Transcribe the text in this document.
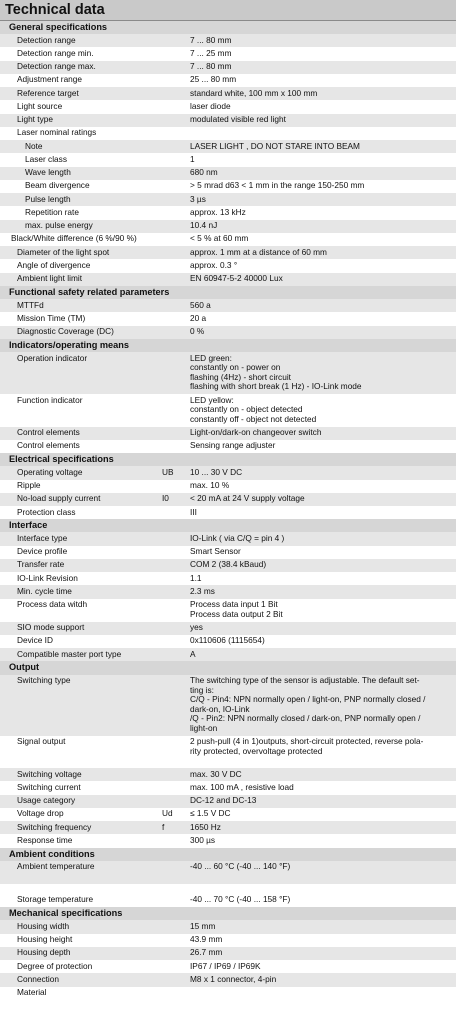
Technical data
General specifications
Detection range	7 ... 80 mm
Detection range min.	7 ... 25 mm
Detection range max.	7 ... 80 mm
Adjustment range	25 ... 80 mm
Reference target	standard white, 100 mm x 100 mm
Light source	laser diode
Light type	modulated visible red light
Laser nominal ratings
Note	LASER LIGHT , DO NOT STARE INTO BEAM
Laser class	1
Wave length	680 nm
Beam divergence	> 5 mrad d63 < 1 mm in the range 150-250 mm
Pulse length	3 µs
Repetition rate	approx. 13 kHz
max. pulse energy	10.4 nJ
Black/White difference (6 %/90 %)	< 5 % at 60 mm
Diameter of the light spot	approx. 1 mm at a distance of 60 mm
Angle of divergence	approx. 0.3 °
Ambient light limit	EN 60947-5-2 40000 Lux
Functional safety related parameters
MTTFd	560 a
Mission Time (TM)	20 a
Diagnostic Coverage (DC)	0 %
Indicators/operating means
Operation indicator	LED green:
constantly on - power on
flashing (4Hz) - short circuit
flashing with short break (1 Hz) - IO-Link mode
Function indicator	LED yellow:
constantly on - object detected
constantly off - object not detected
Control elements	Light-on/dark-on changeover switch
Control elements	Sensing range adjuster
Electrical specifications
Operating voltage	UB 10 ... 30 V DC
Ripple	max. 10 %
No-load supply current	I0	< 20 mA at 24 V supply voltage
Protection class	III
Interface
Interface type	IO-Link ( via C/Q = pin 4 )
Device profile	Smart Sensor
Transfer rate	COM 2 (38.4 kBaud)
IO-Link Revision	1.1
Min. cycle time	2.3 ms
Process data witdh	Process data input 1 Bit
Process data output 2 Bit
SIO mode support	yes
Device ID	0x110606 (1115654)
Compatible master port type	A
Output
Switching type	The switching type of the sensor is adjustable. The default set-
ting is:
C/Q - Pin4: NPN normally open / light-on, PNP normally closed /
dark-on, IO-Link
/Q - Pin2: NPN normally closed / dark-on, PNP normally open /
light-on
Signal output	2 push-pull (4 in 1)outputs, short-circuit protected, reverse pola-
rity protected, overvoltage protected
Switching voltage	max. 30 V DC
Switching current	max. 100 mA , resistive load
Usage category	DC-12 and DC-13
Voltage drop	Ud ≤ 1.5 V DC
Switching frequency	f	1650 Hz
Response time	300 µs
Ambient conditions
Ambient temperature	-40 ... 60 °C (-40 ... 140 °F)
Storage temperature	-40 ... 70 °C (-40 ... 158 °F)
Mechanical specifications
Housing width	15 mm
Housing height	43.9 mm
Housing depth	26.7 mm
Degree of protection	IP67 / IP69 / IP69K
Connection	M8 x 1 connector, 4-pin
Material
